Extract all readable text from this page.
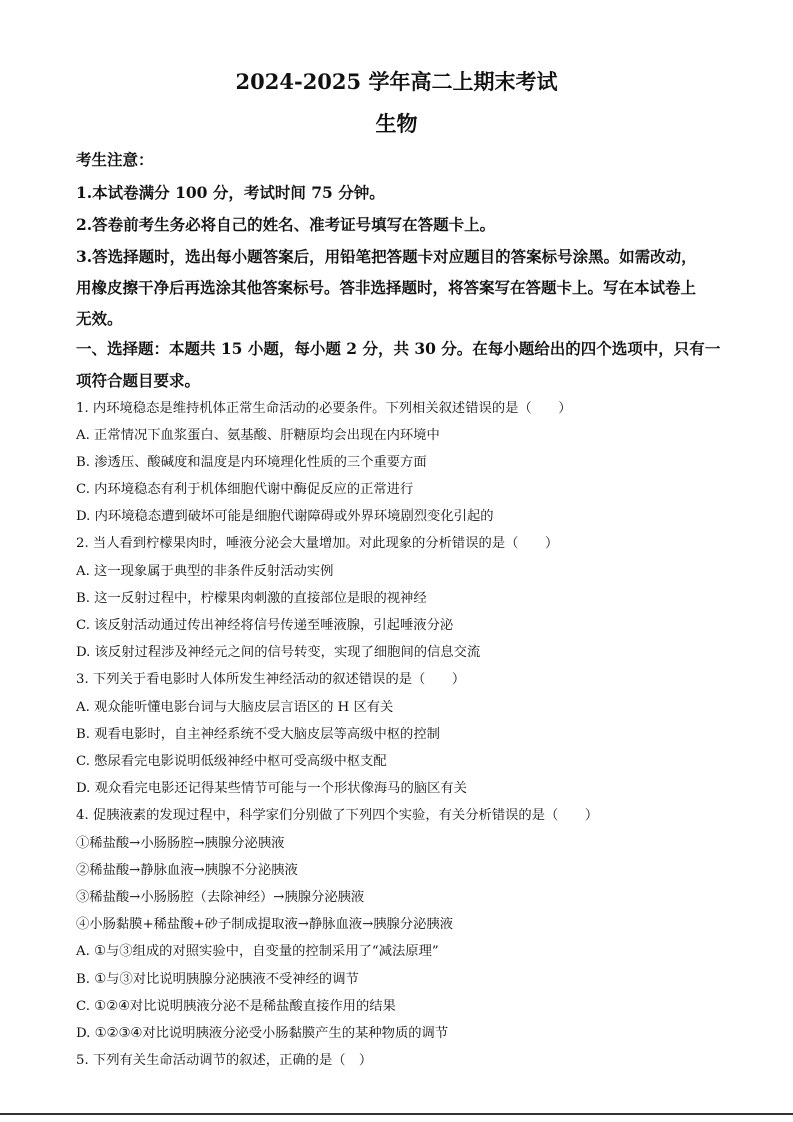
2024-2025 学年高二上期末考试
生物
考生注意：
1.本试卷满分 100 分，考试时间 75 分钟。
2.答卷前考生务必将自己的姓名、准考证号填写在答题卡上。
3.答选择题时，选出每小题答案后，用铅笔把答题卡对应题目的答案标号涂黑。如需改动，
用橡皮擦干净后再选涂其他答案标号。答非选择题时，将答案写在答题卡上。写在本试卷上
无效。
一、选择题：本题共 15 小题，每小题 2 分，共 30 分。在每小题给出的四个选项中，只有一
项符合题目要求。
1. 内环境稳态是维持机体正常生命活动的必要条件。下列相关叙述错误的是（　　）
A. 正常情况下血浆蛋白、氨基酸、肝糖原均会出现在内环境中
B. 渗透压、酸碱度和温度是内环境理化性质的三个重要方面
C. 内环境稳态有利于机体细胞代谢中酶促反应的正常进行
D. 内环境稳态遭到破坏可能是细胞代谢障碍或外界环境剧烈变化引起的
2. 当人看到柠檬果肉时，唾液分泌会大量增加。对此现象的分析错误的是（　　）
A. 这一现象属于典型的非条件反射活动实例
B. 这一反射过程中，柠檬果肉刺激的直接部位是眼的视神经
C. 该反射活动通过传出神经将信号传递至唾液腺，引起唾液分泌
D. 该反射过程涉及神经元之间的信号转变，实现了细胞间的信息交流
3. 下列关于看电影时人体所发生神经活动的叙述错误的是（　　）
A. 观众能听懂电影台词与大脑皮层言语区的 H 区有关
B. 观看电影时，自主神经系统不受大脑皮层等高级中枢的控制
C. 憋尿看完电影说明低级神经中枢可受高级中枢支配
D. 观众看完电影还记得某些情节可能与一个形状像海马的脑区有关
4. 促胰液素的发现过程中，科学家们分别做了下列四个实验，有关分析错误的是（　　）
①稀盐酸→小肠肠腔→胰腺分泌胰液
②稀盐酸→静脉血液→胰腺不分泌胰液
③稀盐酸→小肠肠腔（去除神经）→胰腺分泌胰液
④小肠黏膜+稀盐酸+砂子制成提取液→静脉血液→胰腺分泌胰液
A. ①与③组成的对照实验中，自变量的控制采用了“减法原理”
B. ①与③对比说明胰腺分泌胰液不受神经的调节
C. ①②④对比说明胰液分泌不是稀盐酸直接作用的结果
D. ①②③④对比说明胰液分泌受小肠黏膜产生的某种物质的调节
5. 下列有关生命活动调节的叙述，正确的是（　）
